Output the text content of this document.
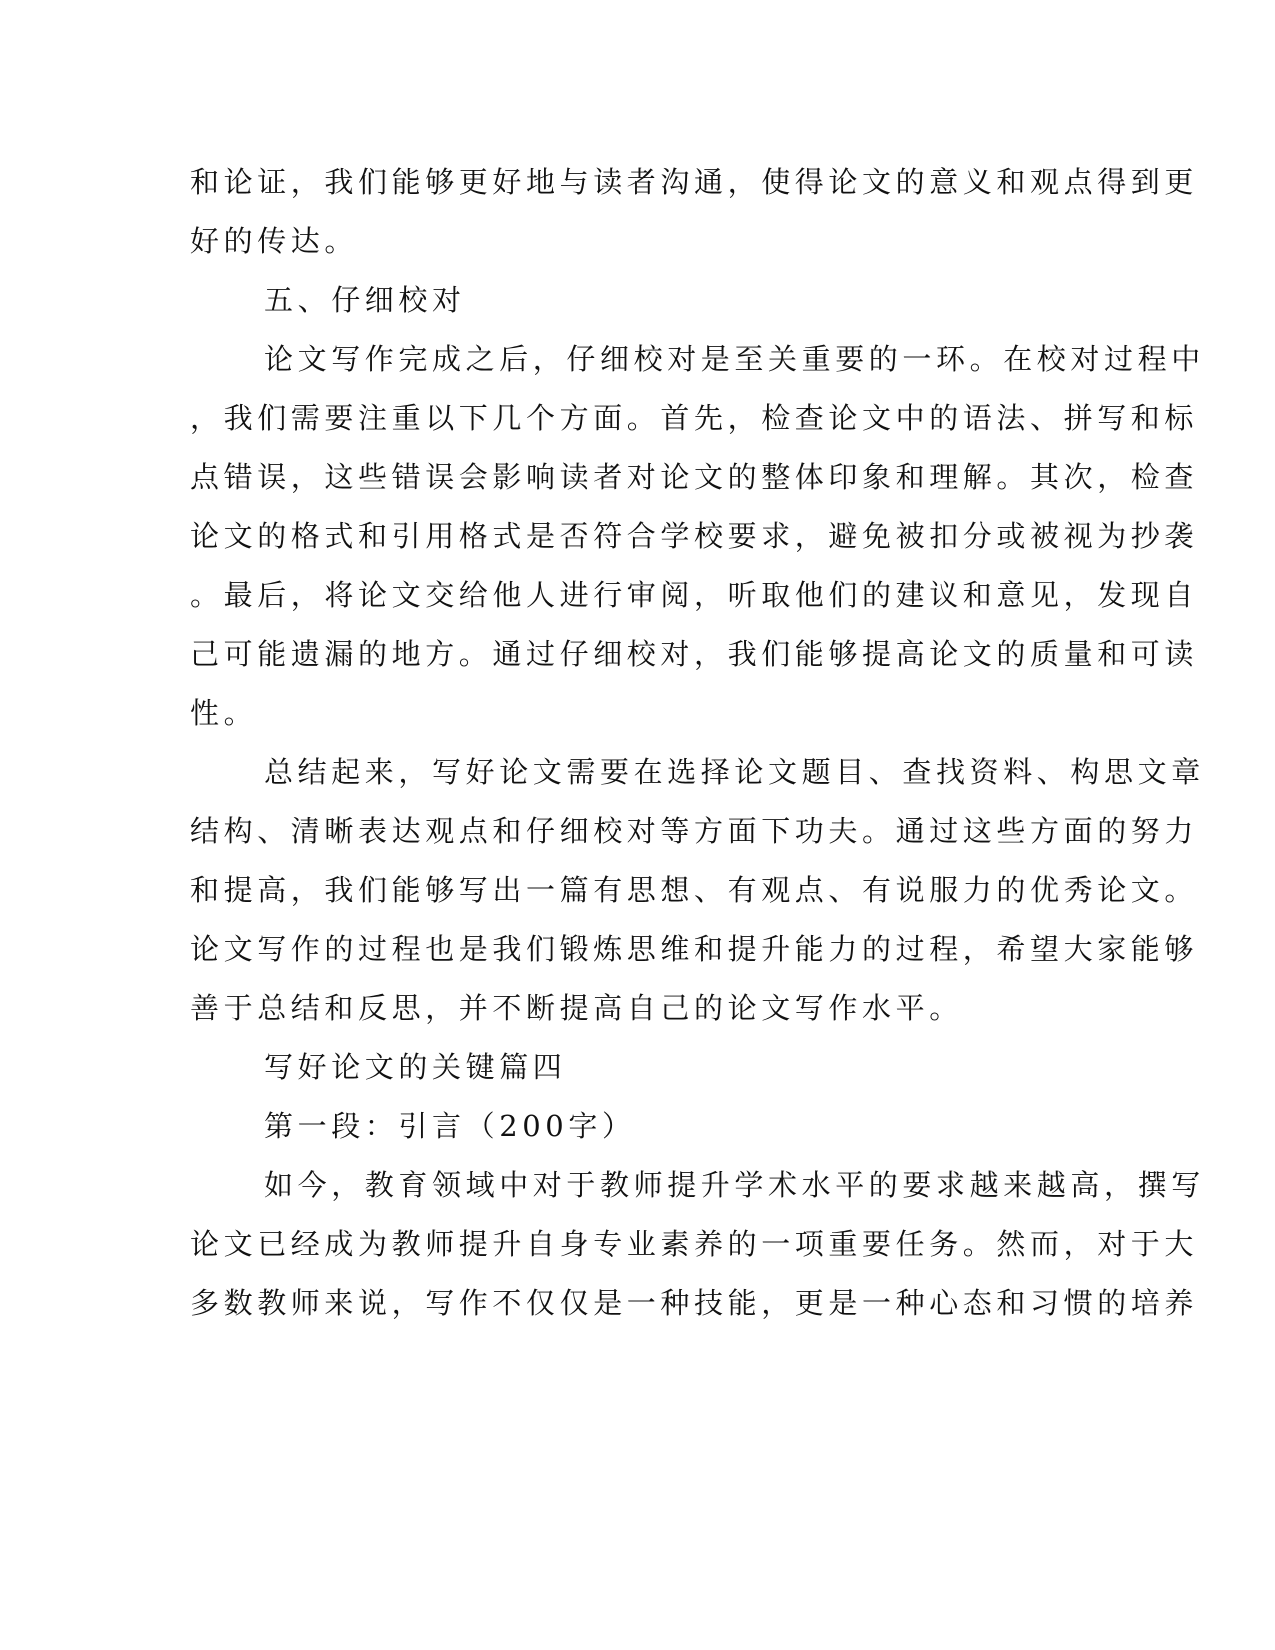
和论证，我们能够更好地与读者沟通，使得论文的意义和观点得到更
好的传达。
五、仔细校对
论文写作完成之后，仔细校对是至关重要的一环。在校对过程中
，我们需要注重以下几个方面。首先，检查论文中的语法、拼写和标
点错误，这些错误会影响读者对论文的整体印象和理解。其次，检查
论文的格式和引用格式是否符合学校要求，避免被扣分或被视为抄袭
。最后，将论文交给他人进行审阅，听取他们的建议和意见，发现自
己可能遗漏的地方。通过仔细校对，我们能够提高论文的质量和可读
性。
总结起来，写好论文需要在选择论文题目、查找资料、构思文章
结构、清晰表达观点和仔细校对等方面下功夫。通过这些方面的努力
和提高，我们能够写出一篇有思想、有观点、有说服力的优秀论文。
论文写作的过程也是我们锻炼思维和提升能力的过程，希望大家能够
善于总结和反思，并不断提高自己的论文写作水平。
写好论文的关键篇四
第一段：引言（200字）
如今，教育领域中对于教师提升学术水平的要求越来越高，撰写
论文已经成为教师提升自身专业素养的一项重要任务。然而，对于大
多数教师来说，写作不仅仅是一种技能，更是一种心态和习惯的培养
